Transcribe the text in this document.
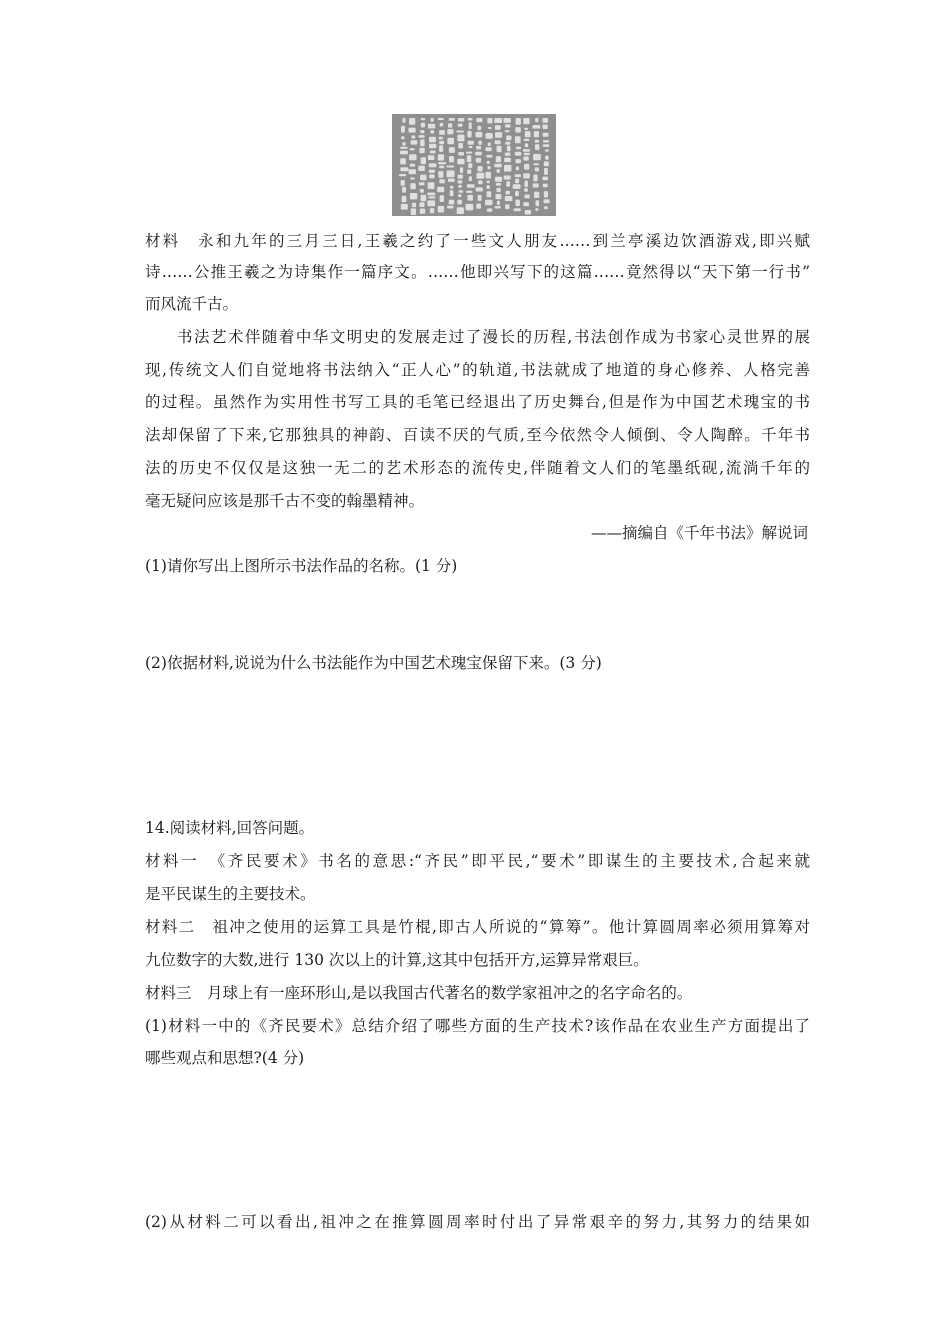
材料　永和九年的三月三日,王羲之约了一些文人朋友……到兰亭溪边饮酒游戏,即兴赋
诗……公推王羲之为诗集作一篇序文。……他即兴写下的这篇……竟然得以“天下第一行书”
而风流千古。
书法艺术伴随着中华文明史的发展走过了漫长的历程,书法创作成为书家心灵世界的展
现,传统文人们自觉地将书法纳入“正人心”的轨道,书法就成了地道的身心修养、人格完善
的过程。虽然作为实用性书写工具的毛笔已经退出了历史舞台,但是作为中国艺术瑰宝的书
法却保留了下来,它那独具的神韵、百读不厌的气质,至今依然令人倾倒、令人陶醉。千年书
法的历史不仅仅是这独一无二的艺术形态的流传史,伴随着文人们的笔墨纸砚,流淌千年的
毫无疑问应该是那千古不变的翰墨精神。
——摘编自《千年书法》解说词
(1)请你写出上图所示书法作品的名称。(1 分)
(2)依据材料,说说为什么书法能作为中国艺术瑰宝保留下来。(3 分)
14.阅读材料,回答问题。
材料一　《齐民要术》书名的意思:“齐民”即平民,“要术”即谋生的主要技术,合起来就
是平民谋生的主要技术。
材料二　祖冲之使用的运算工具是竹棍,即古人所说的“算筹”。他计算圆周率必须用算筹对
九位数字的大数,进行 130 次以上的计算,这其中包括开方,运算异常艰巨。
材料三　月球上有一座环形山,是以我国古代著名的数学家祖冲之的名字命名的。
(1)材料一中的《齐民要术》总结介绍了哪些方面的生产技术?该作品在农业生产方面提出了
哪些观点和思想?(4 分)
(2)从材料二可以看出,祖冲之在推算圆周率时付出了异常艰辛的努力,其努力的结果如
